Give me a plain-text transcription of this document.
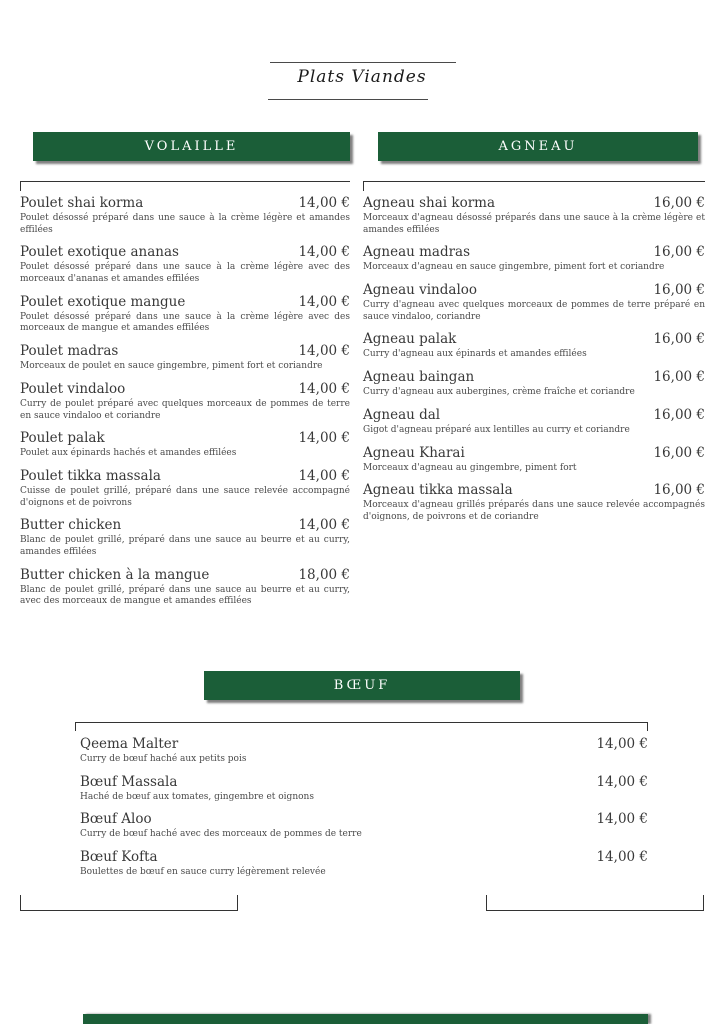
Plats Viandes
VOLAILLE
Poulet shai korma	14,00 €
Poulet désossé préparé dans une sauce à la crème légère et amandes effilées
Poulet exotique ananas	14,00 €
Poulet désossé préparé dans une sauce à la crème légère avec des morceaux d'ananas et amandes effilées
Poulet exotique mangue	14,00 €
Poulet désossé préparé dans une sauce à la crème légère avec des morceaux de mangue et amandes effilées
Poulet madras	14,00 €
Morceaux de poulet en sauce gingembre, piment fort et coriandre
Poulet vindaloo	14,00 €
Curry de poulet préparé avec quelques morceaux de pommes de terre en sauce vindaloo et coriandre
Poulet palak	14,00 €
Poulet aux épinards hachés et amandes effilées
Poulet tikka massala	14,00 €
Cuisse de poulet grillé, préparé dans une sauce relevée accompagné d'oignons et de poivrons
Butter chicken	14,00 €
Blanc de poulet grillé, préparé dans une sauce au beurre et au curry, amandes effilées
Butter chicken à la mangue	18,00 €
Blanc de poulet grillé, préparé dans une sauce au beurre et au curry, avec des morceaux de mangue et amandes effilées
AGNEAU
Agneau shai korma	16,00 €
Morceaux d'agneau désossé préparés dans une sauce à la crème légère et amandes effilées
Agneau madras	16,00 €
Morceaux d'agneau en sauce gingembre, piment fort et coriandre
Agneau vindaloo	16,00 €
Curry d'agneau avec quelques morceaux de pommes de terre préparé en sauce vindaloo, coriandre
Agneau palak	16,00 €
Curry d'agneau aux épinards et amandes effilées
Agneau baingan	16,00 €
Curry d'agneau aux aubergines, crème fraîche et coriandre
Agneau dal	16,00 €
Gigot d'agneau préparé aux lentilles au curry et coriandre
Agneau Kharai	16,00 €
Morceaux d'agneau au gingembre, piment fort
Agneau tikka massala	16,00 €
Morceaux d'agneau grillés préparés dans une sauce relevée accompagnés d'oignons, de poivrons et de coriandre
BŒUF
Qeema Malter	14,00 €
Curry de bœuf haché aux petits pois
Bœuf Massala	14,00 €
Haché de bœuf aux tomates, gingembre et oignons
Bœuf Aloo	14,00 €
Curry de bœuf haché avec des morceaux de pommes de terre
Bœuf Kofta	14,00 €
Boulettes de bœuf en sauce curry légèrement relevée
